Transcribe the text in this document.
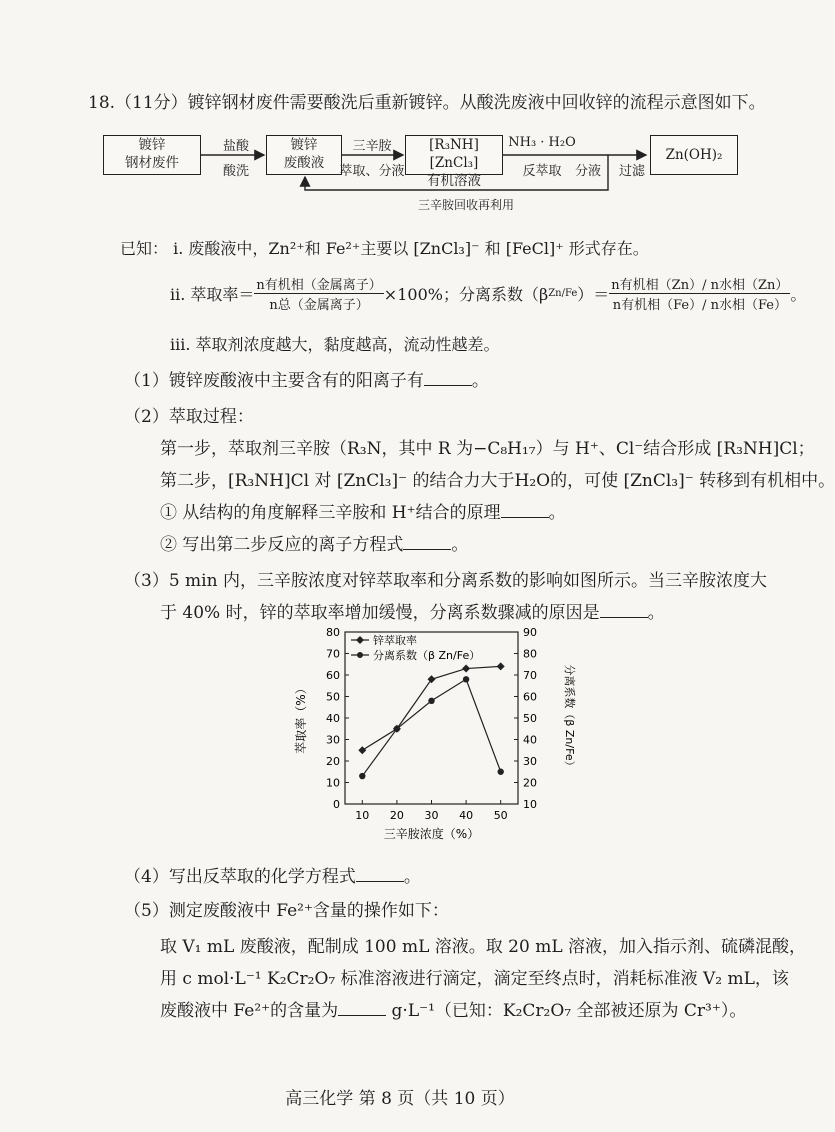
18.（11分）镀锌钢材废件需要酸洗后重新镀锌。从酸洗废液中回收锌的流程示意图如下。
镀锌
钢材废件
盐酸
酸洗
镀锌
废酸液
三辛胺
萃取、分液
[R₃NH][ZnCl₃]
有机溶液
NH₃ · H₂O
反萃取	分液	过滤
Zn(OH)₂
三辛胺回收再利用
已知： i. 废酸液中，Zn²⁺和 Fe²⁺主要以 [ZnCl₃]⁻ 和 [FeCl]⁺ 形式存在。
ii. 萃取率＝ $\frac{\text{n有机相（金属离子）}}{\text{n总（金属离子）}} \times 100\%$；分离系数（β Zn/Fe ）＝ $\frac{\text{n有机相（Zn）/ n水相（Zn）}}{\text{n有机相（Fe）/ n水相（Fe）}}$ 。
iii. 萃取剂浓度越大，黏度越高，流动性越差。
（1）镀锌废酸液中主要含有的阳离子有	。
（2）萃取过程：
第一步，萃取剂三辛胺（R₃N，其中 R 为−C₈H₁₇）与 H⁺、Cl⁻结合形成 [R₃NH]Cl；
第二步，[R₃NH]Cl 对 [ZnCl₃]⁻ 的结合力大于H₂O的，可使 [ZnCl₃]⁻ 转移到有机相中。
① 从结构的角度解释三辛胺和 H⁺结合的原理	。
② 写出第二步反应的离子方程式	。
（3）5 min 内，三辛胺浓度对锌萃取率和分离系数的影响如图所示。当三辛胺浓度大
于 40% 时，锌的萃取率增加缓慢，分离系数骤减的原因是	。
0
10
20
30
40
50
60
70
80
10
20
30
40
50
60
70
80
90
10 20 30 40 50
三辛胺浓度（%）
萃取率（%）	分离系数（β Zn/Fe）
锌萃取率
分离系数（β Zn/Fe）
（4）写出反萃取的化学方程式	。
（5）测定废酸液中 Fe²⁺含量的操作如下：
取 V₁ mL 废酸液，配制成 100 mL 溶液。取 20 mL 溶液，加入指示剂、硫磷混酸，
用 c mol·L⁻¹ K₂Cr₂O₇ 标准溶液进行滴定，滴定至终点时，消耗标准液 V₂ mL，该
废酸液中 Fe²⁺的含量为	g·L⁻¹（已知：K₂Cr₂O₇ 全部被还原为 Cr³⁺）。
高三化学 第 8 页（共 10 页）
